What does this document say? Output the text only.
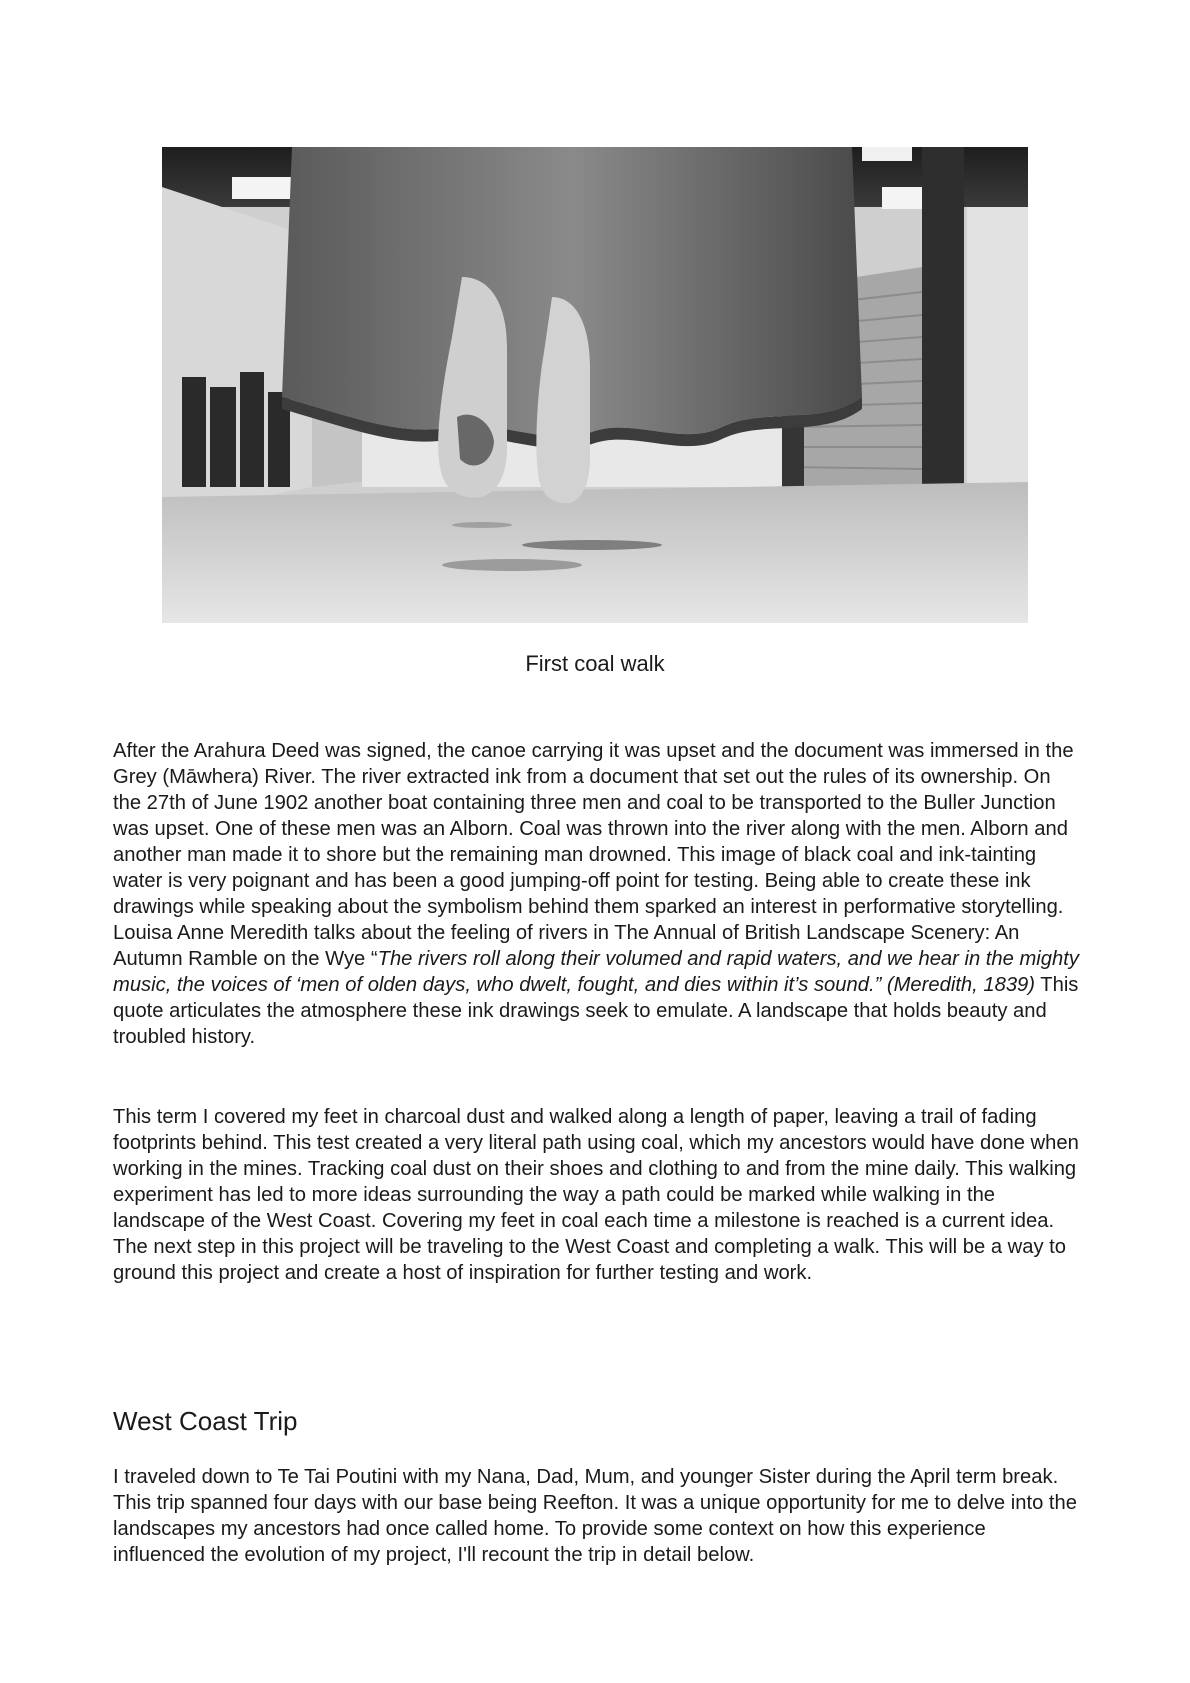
First coal walk

After the Arahura Deed was signed, the canoe carrying it was upset and the document was immersed in the Grey (Māwhera) River. The river extracted ink from a document that set out the rules of its ownership. On the 27th of June 1902 another boat containing three men and coal to be transported to the Buller Junction was upset. One of these men was an Alborn. Coal was thrown into the river along with the men. Alborn and another man made it to shore but the remaining man drowned. This image of black coal and ink-tainting water is very poignant and has been a good jumping-off point for testing. Being able to create these ink drawings while speaking about the symbolism behind them sparked an interest in performative storytelling. Louisa Anne Meredith talks about the feeling of rivers in The Annual of British Landscape Scenery: An Autumn Ramble on the Wye “The rivers roll along their volumed and rapid waters, and we hear in the mighty music, the voices of ‘men of olden days, who dwelt, fought, and dies within it’s sound.” (Meredith, 1839) This quote articulates the atmosphere these ink drawings seek to emulate. A landscape that holds beauty and troubled history.

This term I covered my feet in charcoal dust and walked along a length of paper, leaving a trail of fading footprints behind. This test created a very literal path using coal, which my ancestors would have done when working in the mines. Tracking coal dust on their shoes and clothing to and from the mine daily. This walking experiment has led to more ideas surrounding the way a path could be marked while walking in the landscape of the West Coast. Covering my feet in coal each time a milestone is reached is a current idea. The next step in this project will be traveling to the West Coast and completing a walk. This will be a way to ground this project and create a host of inspiration for further testing and work.

West Coast Trip

I traveled down to Te Tai Poutini with my Nana, Dad, Mum, and younger Sister during the April term break. This trip spanned four days with our base being Reefton. It was a unique opportunity for me to delve into the landscapes my ancestors had once called home. To provide some context on how this experience influenced the evolution of my project, I'll recount the trip in detail below.
